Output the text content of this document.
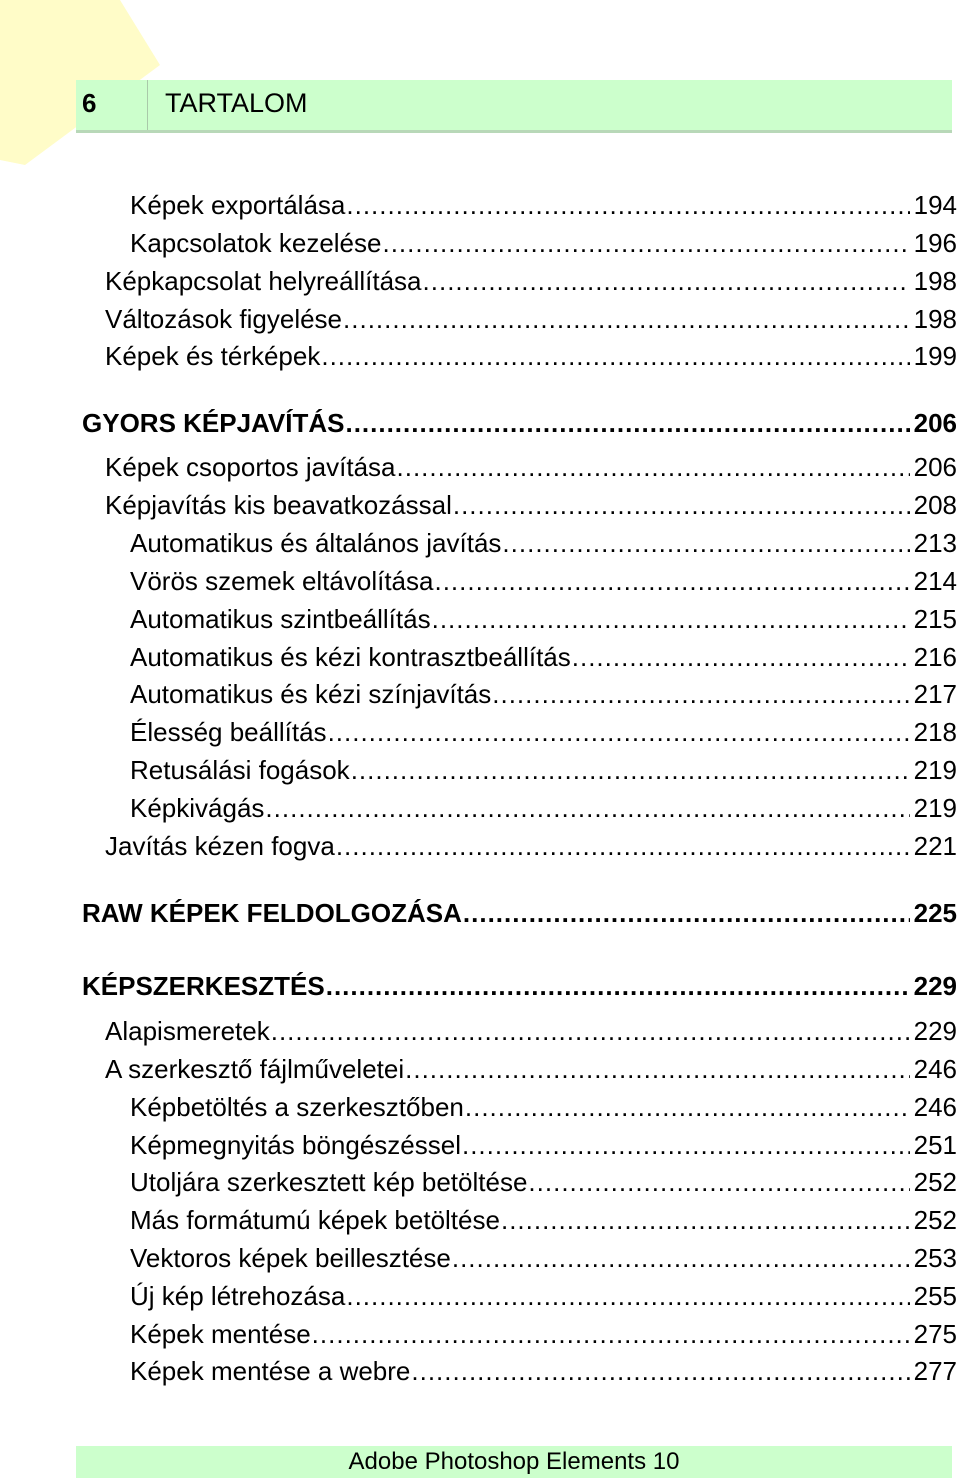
6	TARTALOM
Képek exportálása .....	194
Kapcsolatok kezelése .....	196
Képkapcsolat helyreállítása .....	198
Változások figyelése .....	198
Képek és térképek .....	199
GYORS KÉPJAVÍTÁS .....	206
Képek csoportos javítása .....	206
Képjavítás kis beavatkozással .....	208
Automatikus és általános javítás .....	213
Vörös szemek eltávolítása .....	214
Automatikus szintbeállítás .....	215
Automatikus és kézi kontrasztbeállítás .....	216
Automatikus és kézi színjavítás .....	217
Élesség beállítás .....	218
Retusálási fogások .....	219
Képkivágás .....	219
Javítás kézen fogva .....	221
RAW KÉPEK FELDOLGOZÁSA .....	225
KÉPSZERKESZTÉS .....	229
Alapismeretek .....	229
A szerkesztő fájlműveletei .....	246
Képbetöltés a szerkesztőben .....	246
Képmegnyitás böngészéssel .....	251
Utoljára szerkesztett kép betöltése .....	252
Más formátumú képek betöltése .....	252
Vektoros képek beillesztése .....	253
Új kép létrehozása .....	255
Képek mentése .....	275
Képek mentése a webre .....	277
Adobe Photoshop Elements 10
